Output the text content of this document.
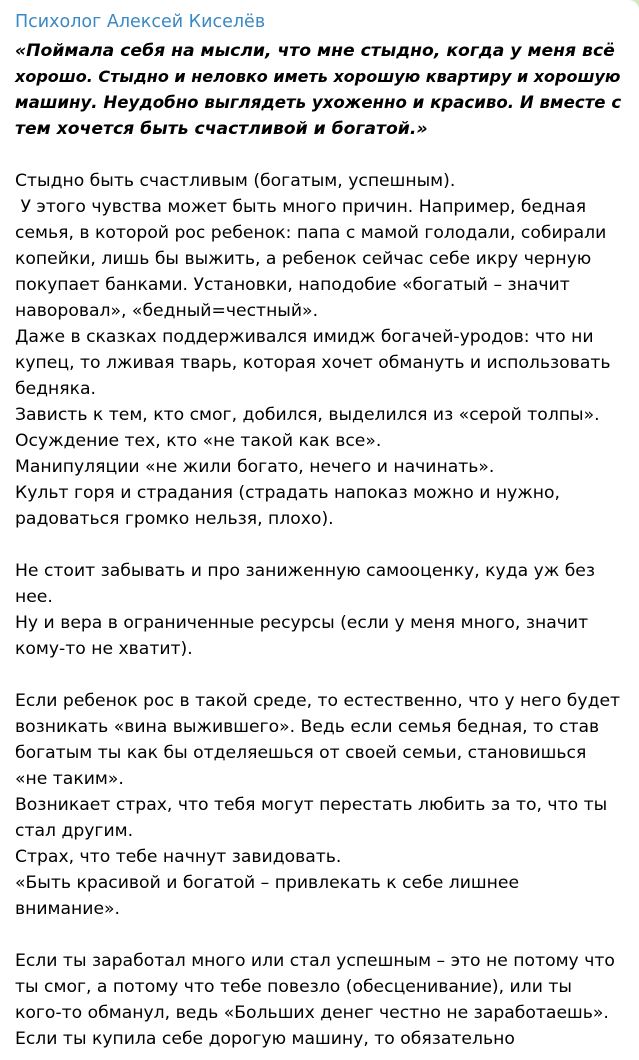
Психолог Алексей Киселёв
«Поймала себя на мысли, что мне стыдно, когда у меня всё
хорошо. Стыдно и неловко иметь хорошую квартиру и хорошую
машину. Неудобно выглядеть ухоженно и красиво. И вместе с
тем хочется быть счастливой и богатой.»
Стыдно быть счастливым (богатым, успешным).
У этого чувства может быть много причин. Например, бедная
семья, в которой рос ребенок: папа с мамой голодали, собирали
копейки, лишь бы выжить, а ребенок сейчас себе икру черную
покупает банками. Установки, наподобие «богатый – значит
наворовал», «бедный=честный».
Даже в сказках поддерживался имидж богачей-уродов: что ни
купец, то лживая тварь, которая хочет обмануть и использовать
бедняка.
Зависть к тем, кто смог, добился, выделился из «серой толпы».
Осуждение тех, кто «не такой как все».
Манипуляции «не жили богато, нечего и начинать».
Культ горя и страдания (страдать напоказ можно и нужно,
радоваться громко нельзя, плохо).
Не стоит забывать и про заниженную самооценку, куда уж без
нее.
Ну и вера в ограниченные ресурсы (если у меня много, значит
кому-то не хватит).
Если ребенок рос в такой среде, то естественно, что у него будет
возникать «вина выжившего». Ведь если семья бедная, то став
богатым ты как бы отделяешься от своей семьи, становишься
«не таким».
Возникает страх, что тебя могут перестать любить за то, что ты
стал другим.
Страх, что тебе начнут завидовать.
«Быть красивой и богатой – привлекать к себе лишнее
внимание».
Если ты заработал много или стал успешным – это не потому что
ты смог, а потому что тебе повезло (обесценивание), или ты
кого-то обманул, ведь «Больших денег честно не заработаешь».
Если ты купила себе дорогую машину, то обязательно
